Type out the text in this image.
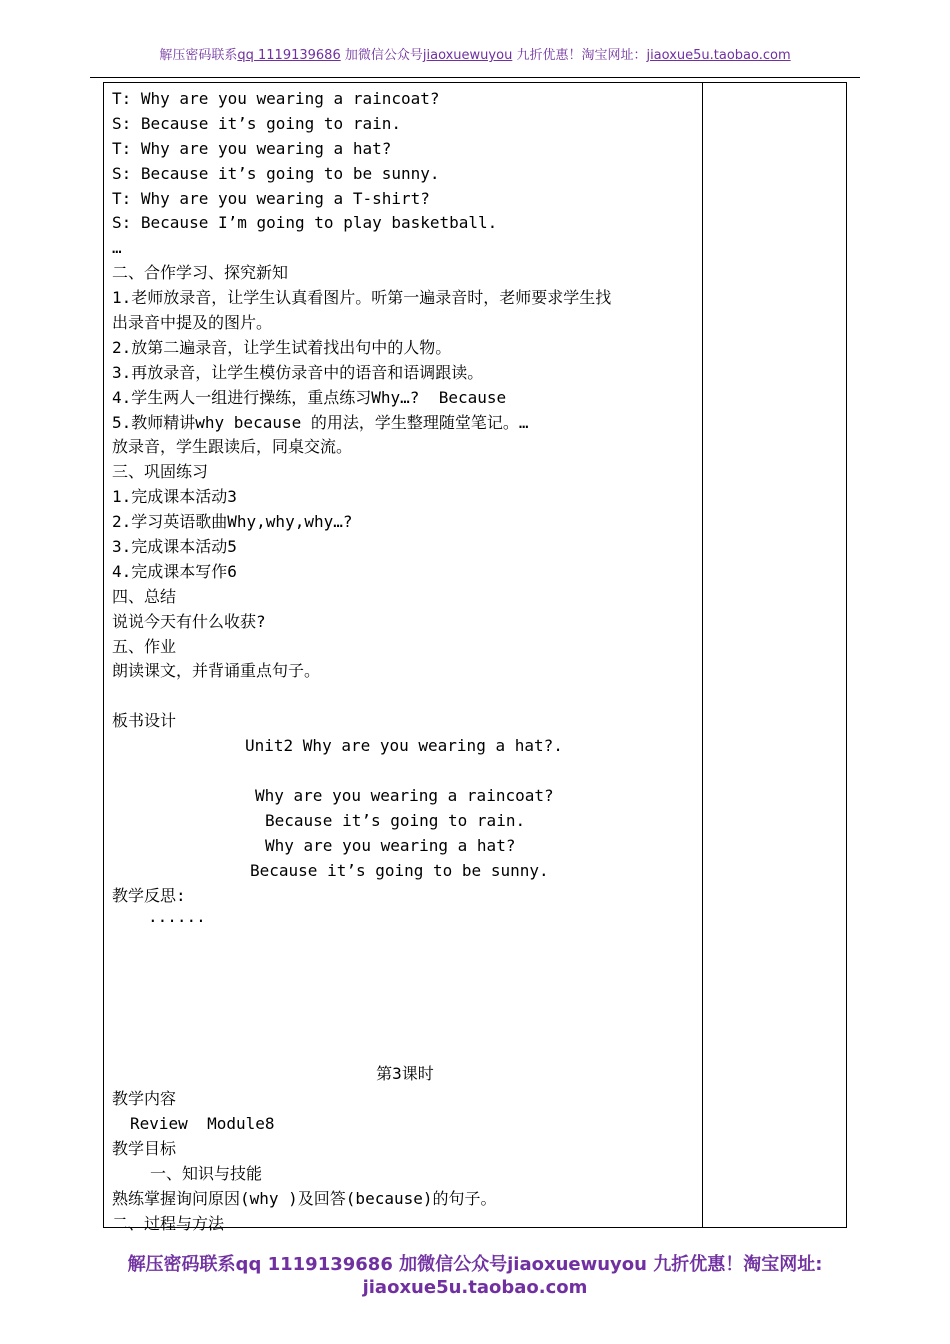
解压密码联系qq 1119139686 加微信公众号jiaoxuewuyou 九折优惠！淘宝网址：jiaoxue5u.taobao.com
T: Why are you wearing a raincoat?
S: Because it’s going to rain.
T: Why are you wearing a hat?
S: Because it’s going to be sunny.
T: Why are you wearing a T-shirt?
S: Because I’m going to play basketball.
…
二、合作学习、探究新知
1.老师放录音，让学生认真看图片。听第一遍录音时，老师要求学生找
出录音中提及的图片。
2.放第二遍录音，让学生试着找出句中的人物。
3.再放录音，让学生模仿录音中的语音和语调跟读。
4.学生两人一组进行操练，重点练习Why…?  Because
5.教师精讲why because 的用法，学生整理随堂笔记。…
放录音，学生跟读后，同桌交流。
三、巩固练习
1.完成课本活动3
2.学习英语歌曲Why,why,why…?
3.完成课本活动5
4.完成课本写作6
四、总结
说说今天有什么收获?
五、作业
朗读课文，并背诵重点句子。
板书设计
Unit2 Why are you wearing a hat?.
Why are you wearing a raincoat?
Because it’s going to rain.
Why are you wearing a hat?
Because it’s going to be sunny.
教学反思:
......
第3课时
教学内容
Review  Module8
教学目标
一、知识与技能
熟练掌握询问原因(why )及回答(because)的句子。
二、过程与方法
解压密码联系qq 1119139686 加微信公众号jiaoxuewuyou 九折优惠！淘宝网址:
jiaoxue5u.taobao.com
